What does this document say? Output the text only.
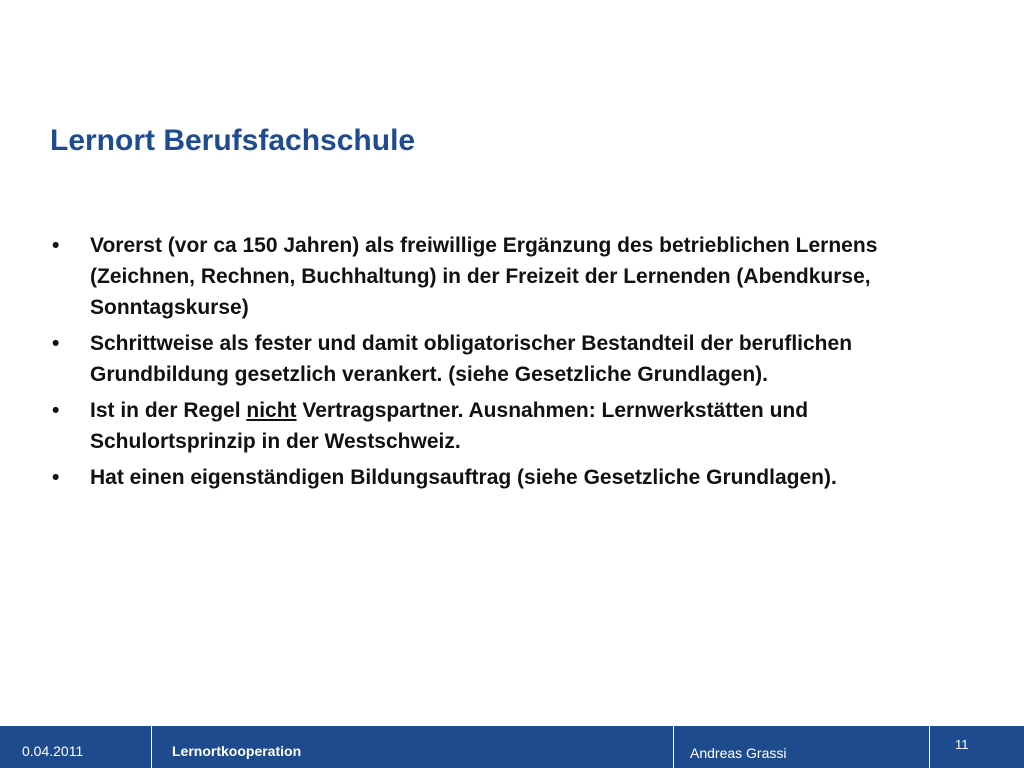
Lernort Berufsfachschule
•	Vorerst (vor ca 150 Jahren) als freiwillige Ergänzung des betrieblichen Lernens (Zeichnen, Rechnen, Buchhaltung) in der Freizeit der Lernenden (Abendkurse, Sonntagskurse)
•	Schrittweise als fester und damit obligatorischer Bestandteil der beruflichen Grundbildung gesetzlich verankert. (siehe Gesetzliche Grundlagen).
•	Ist in der Regel nicht Vertragspartner. Ausnahmen: Lernwerkstätten und Schulortsprinzip in der Westschweiz.
•	Hat einen eigenständigen Bildungsauftrag (siehe Gesetzliche Grundlagen).
0.04.2011	Lernortkooperation	Andreas Grassi
11
